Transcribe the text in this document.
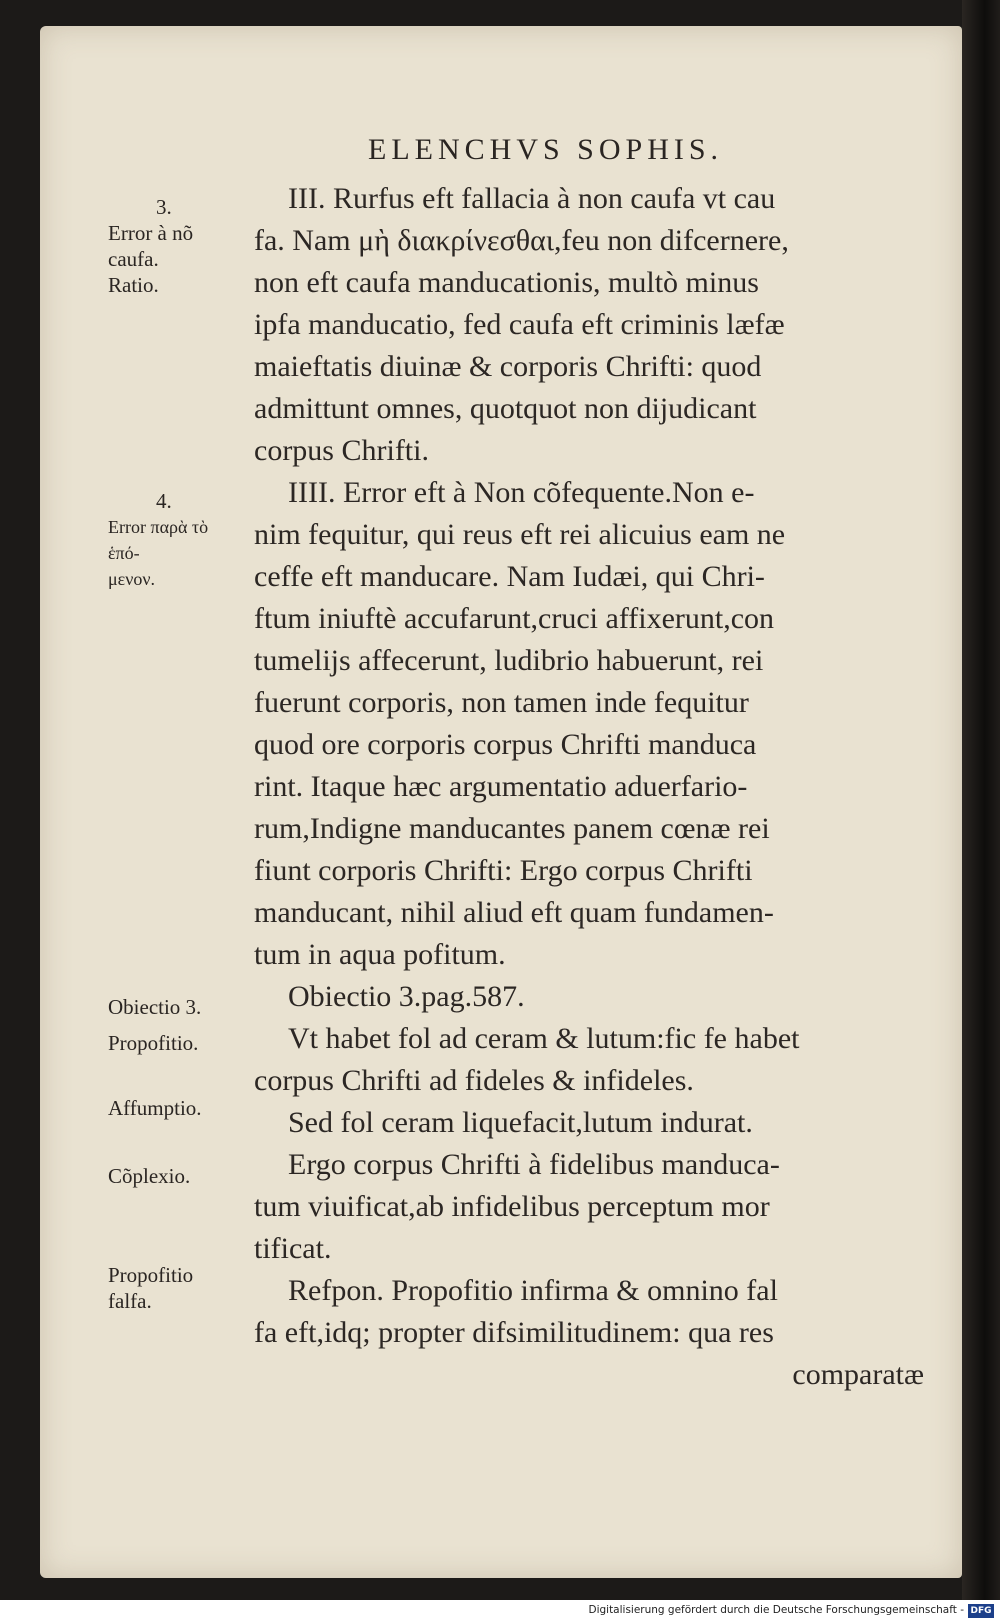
ELENCHVS SOPHIS.
3.
Error à nõ
caufa.
Ratio.
4.
Error παρὰ τὸ ἑπό-
μενον.
Obiectio 3.
Propofitio.
Affumptio.
Cõplexio.
Propofitio
falfa.
III. Rurfus eft fallacia à non caufa vt cau
fa. Nam μὴ διακρίνεσθαι,feu non difcernere,
non eft caufa manducationis, multò minus
ipfa manducatio, fed caufa eft criminis læfæ
maieftatis diuinæ & corporis Chrifti: quod
admittunt omnes, quotquot non dijudicant
corpus Chrifti.
IIII. Error eft à Non cõfequente.Non e-
nim fequitur, qui reus eft rei alicuius eam ne
ceffe eft manducare. Nam Iudæi, qui Chri-
ftum iniuftè accufarunt,cruci affixerunt,con
tumelijs affecerunt, ludibrio habuerunt, rei
fuerunt corporis, non tamen inde fequitur
quod ore corporis corpus Chrifti manduca
rint. Itaque hæc argumentatio aduerfario-
rum,Indigne manducantes panem cœnæ rei
fiunt corporis Chrifti: Ergo corpus Chrifti
manducant, nihil aliud eft quam fundamen-
tum in aqua pofitum.
Obiectio 3.pag.587.
Vt habet fol ad ceram & lutum:fic fe habet
corpus Chrifti ad fideles & infideles.
Sed fol ceram liquefacit,lutum indurat.
Ergo corpus Chrifti à fidelibus manduca-
tum viuificat,ab infidelibus perceptum mor
tificat.
Refpon. Propofitio infirma & omnino fal
fa eft,idq; propter difsimilitudinem: qua res
comparatæ
Digitalisierung gefördert durch die Deutsche Forschungsgemeinschaft - DFG
